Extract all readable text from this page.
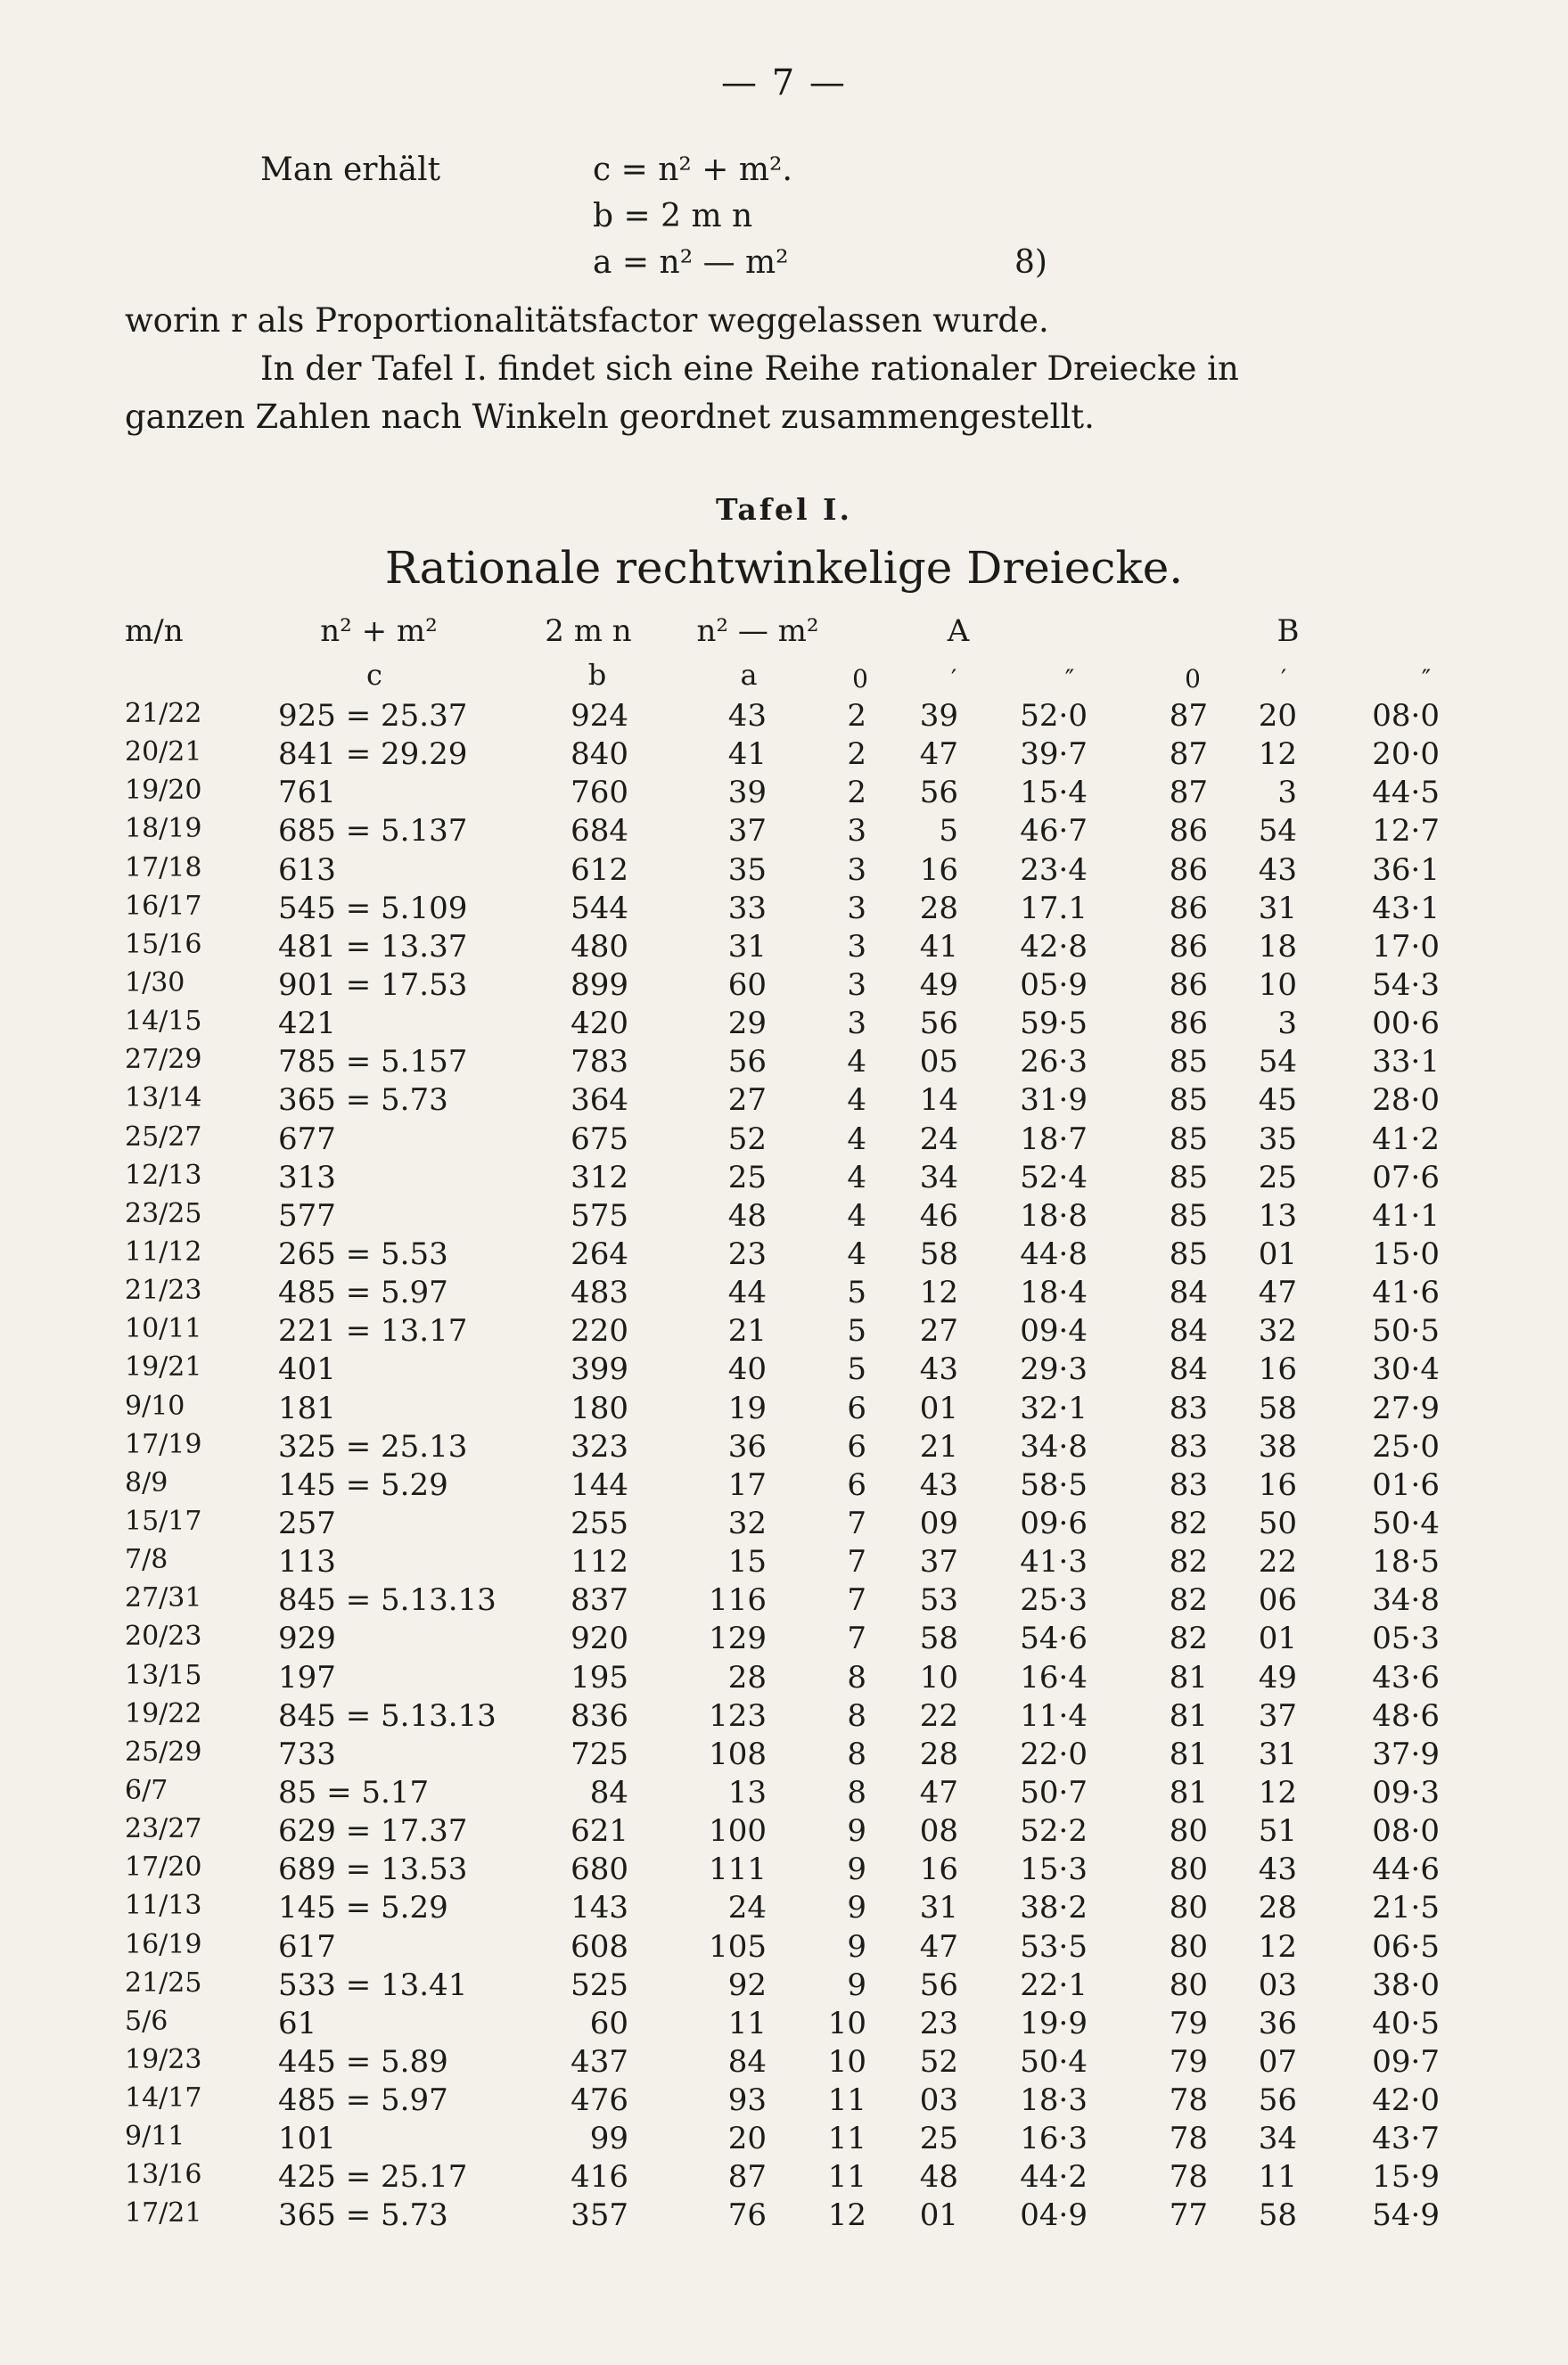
— 7 —
Man erhält	c = n² + m².
b = 2 m n
a = n² — m²	8)
worin r als Proportionalitätsfactor weggelassen wurde.
In der Tafel I. findet sich eine Reihe rationaler Dreiecke in
ganzen Zahlen nach Winkeln geordnet zusammengestellt.
Tafel I.
Rationale rechtwinkelige Dreiecke.
m/n	n² + m²	2 m n	n² — m²	A	B
c	b	a	0	′	″	0	′	″
21/22	925 = 25.37	924	43	2	39 52·0	87	20 08·0
20/21	841 = 29.29	840	41	2	47 39·7	87	12 20·0
19/20	761	760	39	2	56 15·4	87	3 44·5
18/19	685 = 5.137	684	37	3	5 46·7	86	54 12·7
17/18	613	612	35	3	16 23·4	86	43 36·1
16/17	545 = 5.109	544	33	3	28 17.1	86	31 43·1
15/16	481 = 13.37	480	31	3	41 42·8	86	18 17·0
1/30	901 = 17.53	899	60	3	49 05·9	86	10 54·3
14/15	421	420	29	3	56 59·5	86	3 00·6
27/29	785 = 5.157	783	56	4	05 26·3	85	54 33·1
13/14	365 = 5.73	364	27	4	14 31·9	85	45 28·0
25/27	677	675	52	4	24 18·7	85	35 41·2
12/13	313	312	25	4	34 52·4	85	25 07·6
23/25	577	575	48	4	46 18·8	85	13 41·1
11/12	265 = 5.53	264	23	4	58 44·8	85	01 15·0
21/23	485 = 5.97	483	44	5	12 18·4	84	47 41·6
10/11	221 = 13.17	220	21	5	27 09·4	84	32 50·5
19/21	401	399	40	5	43 29·3	84	16 30·4
9/10	181	180	19	6	01 32·1	83	58 27·9
17/19	325 = 25.13	323	36	6	21 34·8	83	38 25·0
8/9	145 = 5.29	144	17	6	43 58·5	83	16 01·6
15/17	257	255	32	7	09 09·6	82	50 50·4
7/8	113	112	15	7	37 41·3	82	22 18·5
27/31	845 = 5.13.13	837	116	7	53 25·3	82	06 34·8
20/23	929	920	129	7	58 54·6	82	01 05·3
13/15	197	195	28	8	10 16·4	81	49 43·6
19/22	845 = 5.13.13	836	123	8	22 11·4	81	37 48·6
25/29	733	725	108	8	28 22·0	81	31 37·9
6/7	85 = 5.17	84	13	8	47 50·7	81	12 09·3
23/27	629 = 17.37	621	100	9	08 52·2	80	51 08·0
17/20	689 = 13.53	680	111	9	16 15·3	80	43 44·6
11/13	145 = 5.29	143	24	9	31 38·2	80	28 21·5
16/19	617	608	105	9	47 53·5	80	12 06·5
21/25	533 = 13.41	525	92	9	56 22·1	80	03 38·0
5/6	61	60	11	10	23 19·9	79	36 40·5
19/23	445 = 5.89	437	84	10	52 50·4	79	07 09·7
14/17	485 = 5.97	476	93	11	03 18·3	78	56 42·0
9/11	101	99	20	11	25 16·3	78	34 43·7
13/16	425 = 25.17	416	87	11	48 44·2	78	11 15·9
17/21	365 = 5.73	357	76	12	01 04·9	77	58 54·9
